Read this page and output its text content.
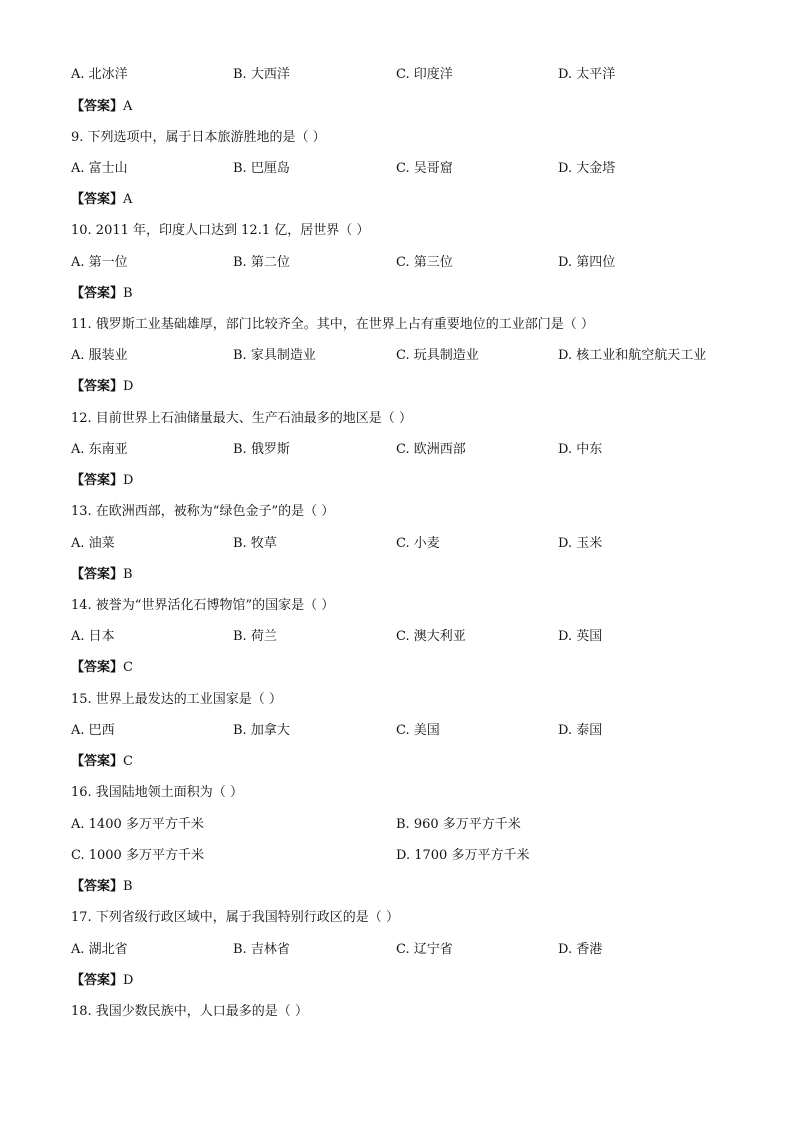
A. 北冰洋	B. 大西洋	C. 印度洋	D. 太平洋
【答案】A
9. 下列选项中，属于日本旅游胜地的是（ ）
A. 富士山	B. 巴厘岛	C. 吴哥窟	D. 大金塔
【答案】A
10. 2011 年，印度人口达到 12.1 亿，居世界（ ）
A. 第一位	B. 第二位	C. 第三位	D. 第四位
【答案】B
11. 俄罗斯工业基础雄厚，部门比较齐全。其中，在世界上占有重要地位的工业部门是（ ）
A. 服装业	B. 家具制造业	C. 玩具制造业	D. 核工业和航空航天工业
【答案】D
12. 目前世界上石油储量最大、生产石油最多的地区是（ ）
A. 东南亚	B. 俄罗斯	C. 欧洲西部	D. 中东
【答案】D
13. 在欧洲西部，被称为“绿色金子”的是（ ）
A. 油菜	B. 牧草	C. 小麦	D. 玉米
【答案】B
14. 被誉为“世界活化石博物馆”的国家是（ ）
A. 日本	B. 荷兰	C. 澳大利亚	D. 英国
【答案】C
15. 世界上最发达的工业国家是（ ）
A. 巴西	B. 加拿大	C. 美国	D. 泰国
【答案】C
16. 我国陆地领土面积为（ ）
A. 1400 多万平方千米	B. 960 多万平方千米
C. 1000 多万平方千米	D. 1700 多万平方千米
【答案】B
17. 下列省级行政区域中，属于我国特别行政区的是（ ）
A. 湖北省	B. 吉林省	C. 辽宁省	D. 香港
【答案】D
18. 我国少数民族中，人口最多的是（ ）
